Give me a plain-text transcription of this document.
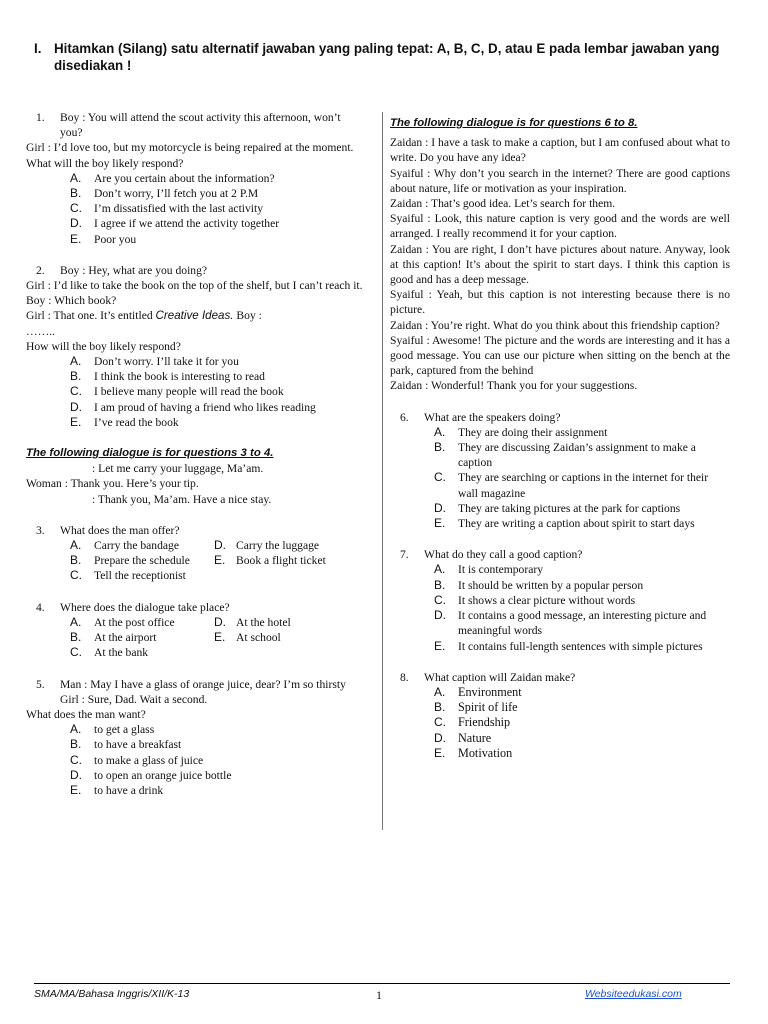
I. Hitamkan (Silang) satu alternatif jawaban yang paling tepat: A, B, C, D, atau E pada lembar jawaban yang disediakan !
1. Boy : You will attend the scout activity this afternoon, won’t you?
Girl : I’d love too, but my motorcycle is being repaired at the moment.
What will the boy likely respond?
A. Are you certain about the information?
B. Don’t worry, I’ll fetch you at 2 P.M
C. I’m dissatisfied with the last activity
D. I agree if we attend the activity together
E. Poor you
2. Boy : Hey, what are you doing?
Girl : I’d like to take the book on the top of the shelf, but I can’t reach it.
Boy : Which book?
Girl : That one. It’s entitled Creative Ideas. Boy :
……..
How will the boy likely respond?
A. Don’t worry. I’ll take it for you
B. I think the book is interesting to read
C. I believe many people will read the book
D. I am proud of having a friend who likes reading
E. I’ve read the book
The following dialogue is for questions 3 to 4.
: Let me carry your luggage, Ma’am.
Woman : Thank you. Here’s your tip.
: Thank you, Ma’am. Have a nice stay.
3. What does the man offer?
A. Carry the bandage	D. Carry the luggage
B. Prepare the schedule	E. Book a flight ticket
C. Tell the receptionist
4. Where does the dialogue take place?
A. At the post office	D. At the hotel
B. At the airport	E. At school
C. At the bank
5. Man : May I have a glass of orange juice, dear? I’m so thirsty Girl : Sure, Dad. Wait a second.
What does the man want?
A. to get a glass
B. to have a breakfast
C. to make a glass of juice
D. to open an orange juice bottle
E. to have a drink
The following dialogue is for questions 6 to 8.
Zaidan : I have a task to make a caption, but I am confused about what to write. Do you have any idea?
Syaiful : Why don’t you search in the internet? There are good captions about nature, life or motivation as your inspiration.
Zaidan : That’s good idea. Let’s search for them.
Syaiful : Look, this nature caption is very good and the words are well arranged. I really recommend it for your caption.
Zaidan : You are right, I don’t have pictures about nature. Anyway, look at this caption! It’s about the spirit to start days. I think this caption is good and has a deep message.
Syaiful : Yeah, but this caption is not interesting because there is no picture.
Zaidan : You’re right. What do you think about this friendship caption?
Syaiful : Awesome! The picture and the words are interesting and it has a good message. You can use our picture when sitting on the bench at the park, captured from the behind
Zaidan : Wonderful! Thank you for your suggestions.
6. What are the speakers doing?
A. They are doing their assignment
B. They are discussing Zaidan’s assignment to make a caption
C. They are searching or captions in the internet for their wall magazine
D. They are taking pictures at the park for captions
E. They are writing a caption about spirit to start days
7. What do they call a good caption?
A. It is contemporary
B. It should be written by a popular person
C. It shows a clear picture without words
D. It contains a good message, an interesting picture and meaningful words
E. It contains full-length sentences with simple pictures
8. What caption will Zaidan make?
A. Environment
B. Spirit of life
C. Friendship
D. Nature
E. Motivation
SMA/MA/Bahasa Inggris/XII/K-13	1	Websiteedukasi.com
